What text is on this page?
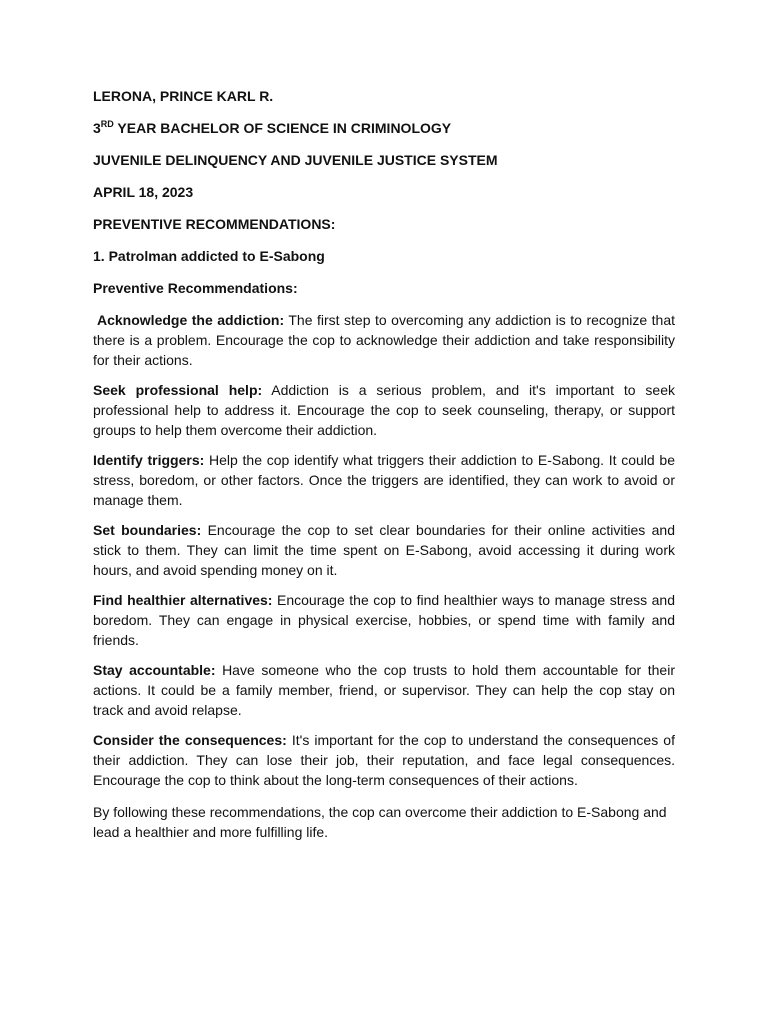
LERONA, PRINCE KARL R.
3RD YEAR BACHELOR OF SCIENCE IN CRIMINOLOGY
JUVENILE DELINQUENCY AND JUVENILE JUSTICE SYSTEM
APRIL 18, 2023
PREVENTIVE RECOMMENDATIONS:
1. Patrolman addicted to E-Sabong
Preventive Recommendations:

Acknowledge the addiction: The first step to overcoming any addiction is to recognize that there is a problem. Encourage the cop to acknowledge their addiction and take responsibility for their actions.

Seek professional help: Addiction is a serious problem, and it's important to seek professional help to address it. Encourage the cop to seek counseling, therapy, or support groups to help them overcome their addiction.

Identify triggers: Help the cop identify what triggers their addiction to E-Sabong. It could be stress, boredom, or other factors. Once the triggers are identified, they can work to avoid or manage them.

Set boundaries: Encourage the cop to set clear boundaries for their online activities and stick to them. They can limit the time spent on E-Sabong, avoid accessing it during work hours, and avoid spending money on it.

Find healthier alternatives: Encourage the cop to find healthier ways to manage stress and boredom. They can engage in physical exercise, hobbies, or spend time with family and friends.

Stay accountable: Have someone who the cop trusts to hold them accountable for their actions. It could be a family member, friend, or supervisor. They can help the cop stay on track and avoid relapse.

Consider the consequences: It's important for the cop to understand the consequences of their addiction. They can lose their job, their reputation, and face legal consequences. Encourage the cop to think about the long-term consequences of their actions.

By following these recommendations, the cop can overcome their addiction to E-Sabong and lead a healthier and more fulfilling life.
